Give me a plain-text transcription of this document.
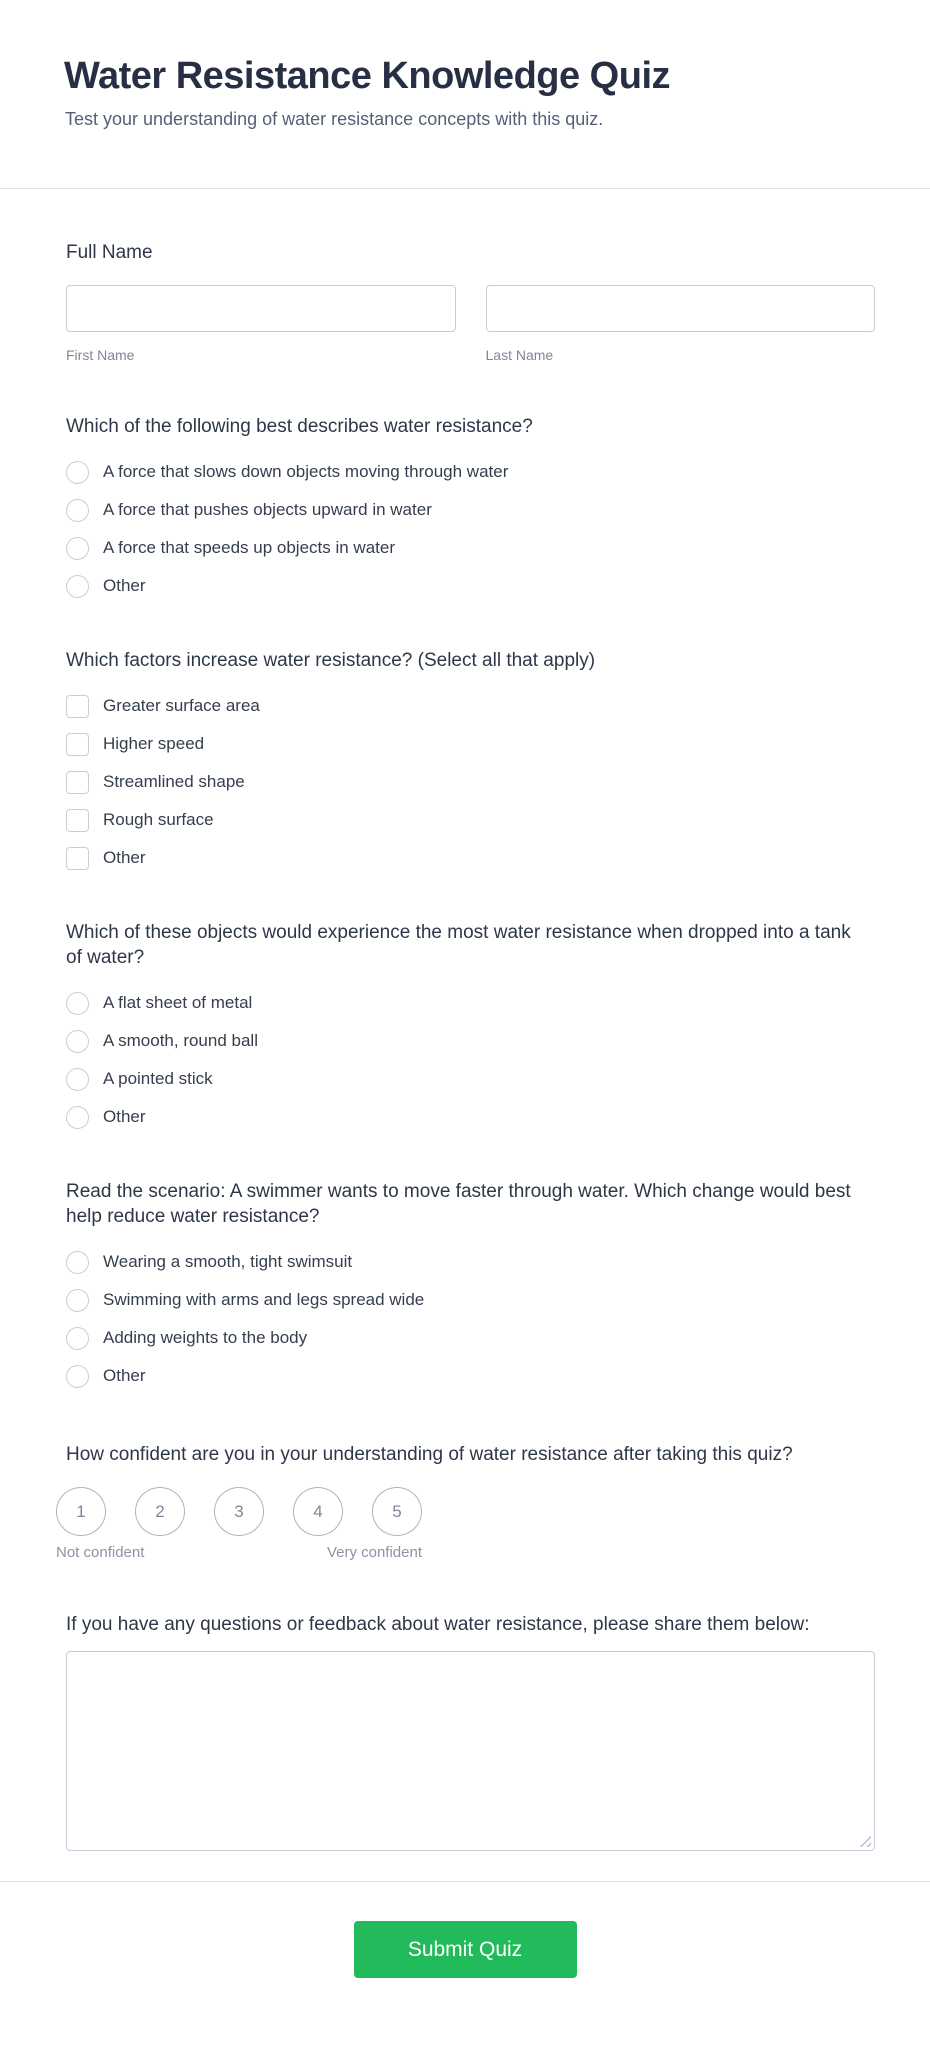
Water Resistance Knowledge Quiz

Test your understanding of water resistance concepts with this quiz.

Full Name
First Name	Last Name
Which of the following best describes water resistance?
A force that slows down objects moving through water
A force that pushes objects upward in water
A force that speeds up objects in water
Other
Which factors increase water resistance? (Select all that apply)
Greater surface area
Higher speed
Streamlined shape
Rough surface
Other
Which of these objects would experience the most water resistance when dropped into a tank of water?
A flat sheet of metal
A smooth, round ball
A pointed stick
Other
Read the scenario: A swimmer wants to move faster through water. Which change would best help reduce water resistance?
Wearing a smooth, tight swimsuit
Swimming with arms and legs spread wide
Adding weights to the body
Other
How confident are you in your understanding of water resistance after taking this quiz?
1	2	3	4	5
Not confident	Very confident
If you have any questions or feedback about water resistance, please share them below:
Submit Quiz
